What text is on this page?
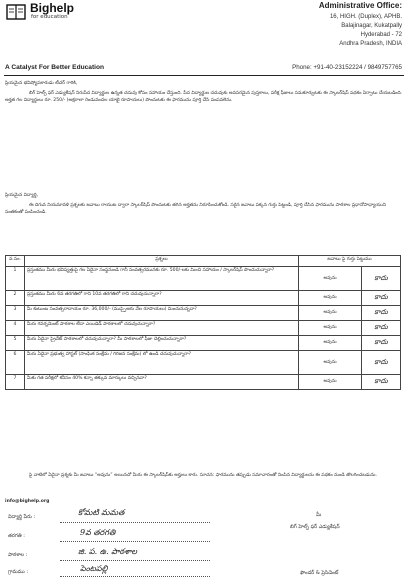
Bighelp
for education
Administrative Office:
16, HIGH. (Duplex), APHB.
Balajinagar, Kukatpally
Hyderabad - 72
Andhra Pradesh, INDIA
A Catalyst For Better Education	Phone: +91-40-23152224 / 9849757765
ప్రియమైన భవిష్యోపకారుడు టీచర్ గారికి,
బిగ్ హెల్ప్ ఫర్ ఎడ్యుకేషన్ నిరుపేద విద్యార్థుల ఉన్నత చదువు కోసం సహాయం చేస్తుంది. పేద విద్యార్థుల చదువుకు అవసరమైన పుస్తకాలు, పరీక్ష ఫీజులు సమకూర్చుటకు ఈ స్కాలర్‌షిప్ పథకం ఏర్పాటు చేయబడింది. అర్హత గల విద్యార్థులు రూ. 250/- (అక్షరాలా రెండువందల యాభై రూపాయలు) పొందుటకు ఈ ఫారమును పూర్తి చేసి పంపవలెను.
ప్రియమైన విద్యార్థి,
ఈ దిగువ నియమావళి ప్రశ్నలకు జవాబు రాయుట ద్వారా స్కాలర్‌షిప్ పొందుటకు తగిన అర్హతను నిరూపించుకోండి. సరైన జవాబు పక్కన గుర్తు పెట్టండి, పూర్తి చేసిన ఫారమును పాఠశాల ప్రధానోపాధ్యాయుని సంతకంతో పంపించండి.
వ.సం.	ప్రశ్నలు	జవాబు పై గుర్తు పెట్టుము	
1	ప్రస్తుతము మీరు భవిష్యత్తుపై గల ఏదైనా సంస్థనుండి గానీ సంవత్సరమునకు రూ. 500/-లకు మించి సహాయం / స్కాలర్‌షిప్‌ పొందుచున్నారా?	అవును	కాదు
2	ప్రస్తుతము మీరు 6వ తరగతిలో గాని 10వ తరగతిలో గాని చదువుచున్నారా?	అవును	కాదు
3	మీ కుటుంబ సంవత్సరాదాయం రూ. 36,000/- (ముప్పైఆరు వేల రూపాయలు) మించునున్నదా?	అవును	కాదు
4	మీరు గవర్నమెంట్ పాఠశాల లేదా ఎయిడెడ్ పాఠశాలలో చదువుచున్నారా?	అవును	కాదు
5	మీరు ఏదైనా ప్రైవేట్ పాఠశాలలో చదువుచున్నారా? మీ పాఠశాలలో ఫీజు చెల్లించుచున్నారా?	అవును	కాదు
6	మీరు ఏదైనా ప్రభుత్వ హాస్టల్ (సాంఘిక సంక్షేమ / గిరిజన సంక్షేమ) లో ఉండి చదువుచున్నారా?	అవును	కాదు
7	మీకు గత పరీక్షలో కనీసం 40% కన్నా తక్కువ మార్కులు వచ్చినవా?	అవును	కాదు
పై వాటిలో ఏదైనా ప్రశ్నకు మీ జవాబు “అవును” అయినచో మీరు ఈ స్కాలర్‌షిప్‌కు అర్హులు కారు. సూచన: ఫారమును తప్పుడు సమాచారంతో నింపిన విద్యార్థులను ఈ పథకం నుండి తొలగించబడును.
info@bighelp.org
విద్యార్థి పేరు :	కోమటి మమత
తరగతి :	9వ తరగతి
పాఠశాల :	జి. ప. ఉ. పాఠశాల
గ్రామము :	పెంటపల్లి
మీ
బిగ్ హెల్ప్ ఫర్ ఎడ్యుకేషన్
ఫౌండర్ & ప్రెసిడెంట్
